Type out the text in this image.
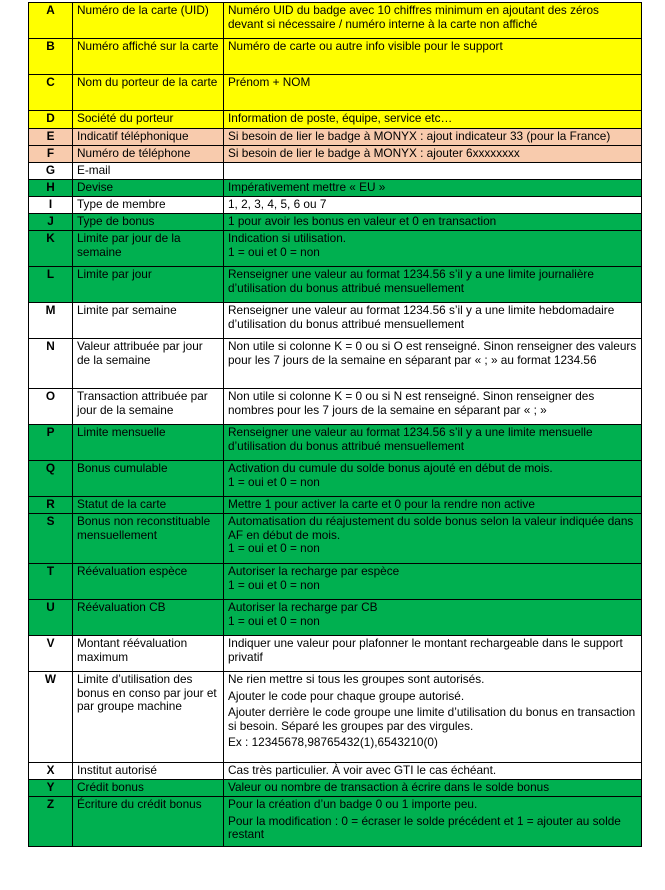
A	Numéro de la carte (UID)	Numéro UID du badge avec 10 chiffres minimum en ajoutant des zéros devant si nécessaire / numéro interne à la carte non affiché

B	Numéro affiché sur la carte	Numéro de carte ou autre info visible pour le support

C	Nom du porteur de la carte	Prénom + NOM

D	Société du porteur	Information de poste, équipe, service etc…

E	Indicatif téléphonique	Si besoin de lier le badge à MONYX : ajout indicateur 33 (pour la France)

F	Numéro de téléphone	Si besoin de lier le badge à MONYX : ajouter 6xxxxxxxx

G	E-mail	

H	Devise	Impérativement mettre « EU »

I	Type de membre	1, 2, 3, 4, 5, 6 ou 7

J	Type de bonus	1 pour avoir les bonus en valeur et 0 en transaction

K	Limite par jour de la semaine	Indication si utilisation.
1 = oui et 0 = non

L	Limite par jour	Renseigner une valeur au format 1234.56 s’il y a une limite journalière d’utilisation du bonus attribué mensuellement

M	Limite par semaine	Renseigner une valeur au format 1234.56 s’il y a une limite hebdomadaire d’utilisation du bonus attribué mensuellement

N	Valeur attribuée par jour de la semaine	Non utile si colonne K = 0 ou si O est renseigné. Sinon renseigner des valeurs pour les 7 jours de la semaine en séparant par « ; » au format 1234.56

O	Transaction attribuée par jour de la semaine	Non utile si colonne K = 0 ou si N est renseigné. Sinon renseigner des nombres pour les 7 jours de la semaine en séparant par « ; »

P	Limite mensuelle	Renseigner une valeur au format 1234.56 s’il y a une limite mensuelle d’utilisation du bonus attribué mensuellement

Q	Bonus cumulable	Activation du cumule du solde bonus ajouté en début de mois.
1 = oui et 0 = non

R	Statut de la carte	Mettre 1 pour activer la carte et 0 pour la rendre non active

S	Bonus non reconstituable mensuellement	Automatisation du réajustement du solde bonus selon la valeur indiquée dans AF en début de mois.
1 = oui et 0 = non

T	Réévaluation espèce	Autoriser la recharge par espèce
1 = oui et 0 = non

U	Réévaluation CB	Autoriser la recharge par CB
1 = oui et 0 = non

V	Montant réévaluation maximum	Indiquer une valeur pour plafonner le montant rechargeable dans le support privatif

W	Limite d’utilisation des bonus en conso par jour et par groupe machine	Ne rien mettre si tous les groupes sont autorisés.
Ajouter le code pour chaque groupe autorisé.
Ajouter derrière le code groupe une limite d’utilisation du bonus en transaction si besoin. Séparé les groupes par des virgules.
Ex : 12345678,98765432(1),6543210(0)

X	Institut autorisé	Cas très particulier. À voir avec GTI le cas échéant.

Y	Crédit bonus	Valeur ou nombre de transaction à écrire dans le solde bonus

Z	Écriture du crédit bonus	Pour la création d’un badge 0 ou 1 importe peu.
Pour la modification : 0 = écraser le solde précédent et 1 = ajouter au solde restant
